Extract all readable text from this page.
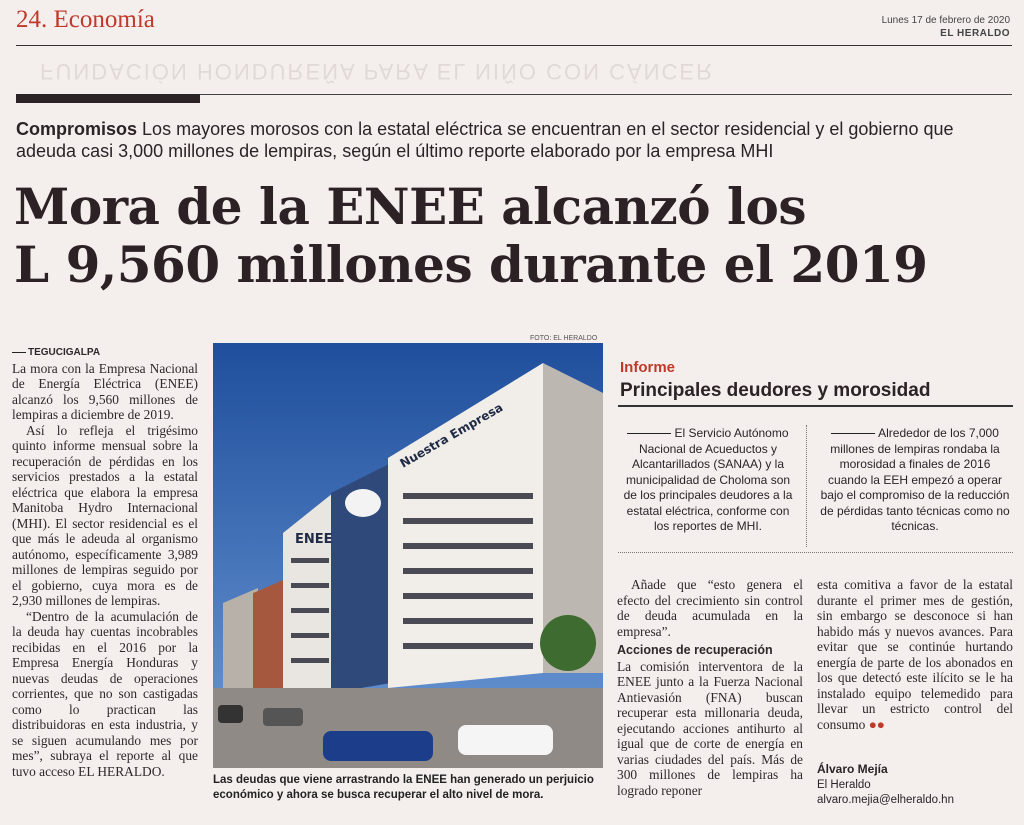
24. Economía	Lunes 17 de febrero de 2020
EL HERALDO
FUNDACIÓN HONDUREÑA PARA EL NIÑO CON CÁNCER
Compromisos Los mayores morosos con la estatal eléctrica se encuentran en el sector residencial y el gobierno que adeuda casi 3,000 millones de lempiras, según el último reporte elaborado por la empresa MHI
Mora de la ENEE alcanzó los
L 9,560 millones durante el 2019
TEGUCIGALPA
La mora con la Empresa Nacional de Energía Eléctrica (ENEE) alcanzó los 9,560 millones de lempiras a diciembre de 2019.
Así lo refleja el trigésimo quinto informe mensual sobre la recuperación de pérdidas en los servicios prestados a la estatal eléctrica que elabora la empresa Manitoba Hydro Internacional (MHI). El sector residencial es el que más le adeuda al organismo autónomo, específicamente 3,989 millones de lempiras seguido por el gobierno, cuya mora es de 2,930 millones de lempiras.
“Dentro de la acumulación de la deuda hay cuentas incobrables recibidas en el 2016 por la Empresa Energía Honduras y nuevas deudas de operaciones corrientes, que no son castigadas como lo practican las distribuidoras en esta industria, y se siguen acumulando mes por mes”, subraya el reporte al que tuvo acceso EL HERALDO.
FOTO: EL HERALDO
ENEE
Nuestra Empresa
Las deudas que viene arrastrando la ENEE han generado un perjuicio económico y ahora se busca recuperar el alto nivel de mora.
Informe
Principales deudores y morosidad
El Servicio Autónomo Nacional de Acueductos y Alcantarillados (SANAA) y la municipalidad de Choloma son de los principales deudores a la estatal eléctrica, conforme con los reportes de MHI.
Alrededor de los 7,000 millones de lempiras rondaba la morosidad a finales de 2016 cuando la EEH empezó a operar bajo el compromiso de la reducción de pérdidas tanto técnicas como no técnicas.
Añade que “esto genera el efecto del crecimiento sin control de deuda acumulada en la empresa”.
Acciones de recuperación
La comisión interventora de la ENEE junto a la Fuerza Nacional Antievasión (FNA) buscan recuperar esta millonaria deuda, ejecutando acciones antihurto al igual que de corte de energía en varias ciudades del país. Más de 300 millones de lempiras ha logrado reponer
esta comitiva a favor de la estatal durante el primer mes de gestión, sin embargo se desconoce si han habido más y nuevos avances. Para evitar que se continúe hurtando energía de parte de los abonados en los que detectó este ilícito se le ha instalado equipo telemedido para llevar un estricto control del consumo ●●
Álvaro Mejía
El Heraldo
alvaro.mejia@elheraldo.hn
